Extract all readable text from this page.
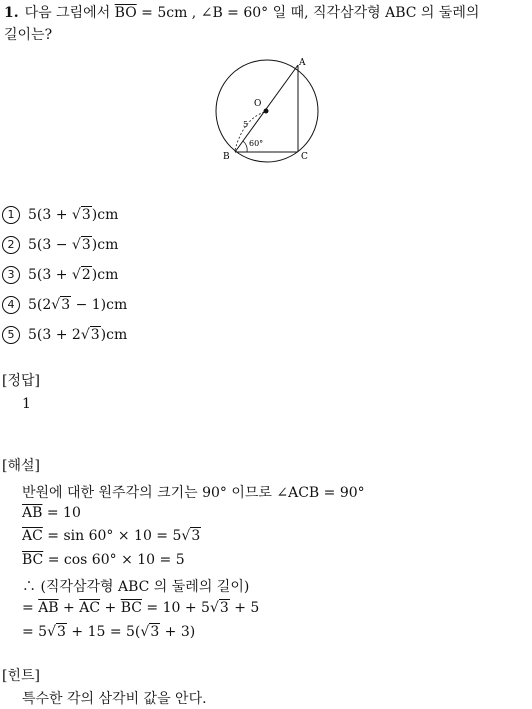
1. 다음 그림에서 $\overline{BO} = 5cm$ , ∠B = 60° 일 때, 직각삼각형 ABC 의 둘레의
길이는?
A
O
5
60°
B	C
1 5(3 + √3)cm
2 5(3 − √3)cm
3 5(3 + √2)cm
4 5(2√3 − 1)cm
5 5(3 + 2√3)cm
[정답]
1
[해설]
반원에 대한 원주각의 크기는 90° 이므로 ∠ACB = 90°
$\overline{AB} = 10$
$\overline{AC} = \sin 60^\circ \times 10 = 5√3$
$\overline{BC} = \cos 60^\circ \times 10 = 5$
∴ (직각삼각형 ABC 의 둘레의 길이)
= $\overline{AB} + \overline{AC} + \overline{BC} = 10 + 5√3 + 5$
= 5√3 + 15 = 5(√3 + 3)
[힌트]
특수한 각의 삼각비 값을 안다.
